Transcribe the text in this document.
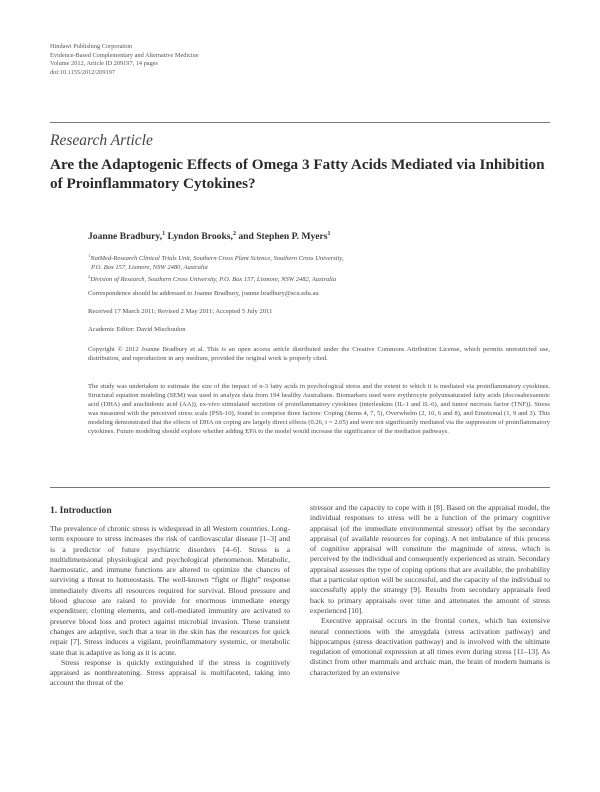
Hindawi Publishing Corporation
Evidence-Based Complementary and Alternative Medicine
Volume 2012, Article ID 209197, 14 pages
doi:10.1155/2012/209197
Research Article
Are the Adaptogenic Effects of Omega 3 Fatty Acids Mediated via Inhibition of Proinflammatory Cytokines?
Joanne Bradbury,$^1$ Lyndon Brooks,$^2$ and Stephen P. Myers$^1$
$^1$NatMed-Research Clinical Trials Unit, Southern Cross Plant Science, Southern Cross University,
P.O. Box 157, Lismore, NSW 2480, Australia
$^2$Division of Research, Southern Cross University, P.O. Box 157, Lismore, NSW 2482, Australia
Correspondence should be addressed to Joanne Bradbury, joanne.bradbury@scu.edu.au
Received 17 March 2011; Revised 2 May 2011; Accepted 5 July 2011
Academic Editor: David Mischoulon
Copyright © 2012 Joanne Bradbury et al. This is an open access article distributed under the Creative Commons Attribution License, which permits unrestricted use, distribution, and reproduction in any medium, provided the original work is properly cited.
The study was undertaken to estimate the size of the impact of n-3 fatty acids in psychological stress and the extent to which it is mediated via proinflammatory cytokines. Structural equation modeling (SEM) was used to analyze data from 194 healthy Australians. Biomarkers used were erythrocyte polyunsaturated fatty acids (docosahexaenoic acid (DHA) and arachidonic acid (AA)), ex-vivo stimulated secretion of proinflammatory cytokines (interleukins (IL-1 and IL-6), and tumor necrosis factor (TNF)). Stress was measured with the perceived stress scale (PSS-10), found to comprise three factors: Coping (items 4, 7, 5), Overwhelm (2, 10, 6 and 8), and Emotional (1, 9 and 3). This modeling demonstrated that the effects of DHA on coping are largely direct effects (0.26, t = 2.05) and were not significantly mediated via the suppression of proinflammatory cytokines. Future modeling should explore whether adding EPA to the model would increase the significance of the mediation pathways.
1. Introduction

The prevalence of chronic stress is widespread in all Western countries. Long-term exposure to stress increases the risk of cardiovascular disease [1–3] and is a predictor of future psychiatric disorders [4–6]. Stress is a multidimensional physiological and psychological phenomenon. Metabolic, haemostatic, and immune functions are altered to optimize the chances of surviving a threat to homeostasis. The well-known “fight or flight” response immediately diverts all resources required for survival. Blood pressure and blood glucose are raised to provide for enormous immediate energy expenditure; clotting elements, and cell-mediated immunity are activated to preserve blood loss and protect against microbial invasion. These transient changes are adaptive, such that a tear in the skin has the resources for quick repair [7]. Stress induces a vigilant, proinflammatory systemic, or metabolic state that is adaptive as long as it is acute.

Stress response is quickly extinguished if the stress is cognitively appraised as nonthreatening. Stress appraisal is multifaceted, taking into account the threat of the

stressor and the capacity to cope with it [8]. Based on the appraisal model, the individual responses to stress will be a function of the primary cognitive appraisal (of the immediate environmental stressor) offset by the secondary appraisal (of available resources for coping). A net imbalance of this process of cognitive appraisal will constitute the magnitude of stress, which is perceived by the individual and consequently experienced as strain. Secondary appraisal assesses the type of coping options that are available, the probability that a particular option will be successful, and the capacity of the individual to successfully apply the strategy [9]. Results from secondary appraisals feed back to primary appraisals over time and attenuates the amount of stress experienced [10].

Executive appraisal occurs in the frontal cortex, which has extensive neural connections with the amygdala (stress activation pathway) and hippocampus (stress deactivation pathway) and is involved with the ultimate regulation of emotional expression at all times even during stress [11–13]. As distinct from other mammals and archaic man, the brain of modern humans is characterized by an extensive
